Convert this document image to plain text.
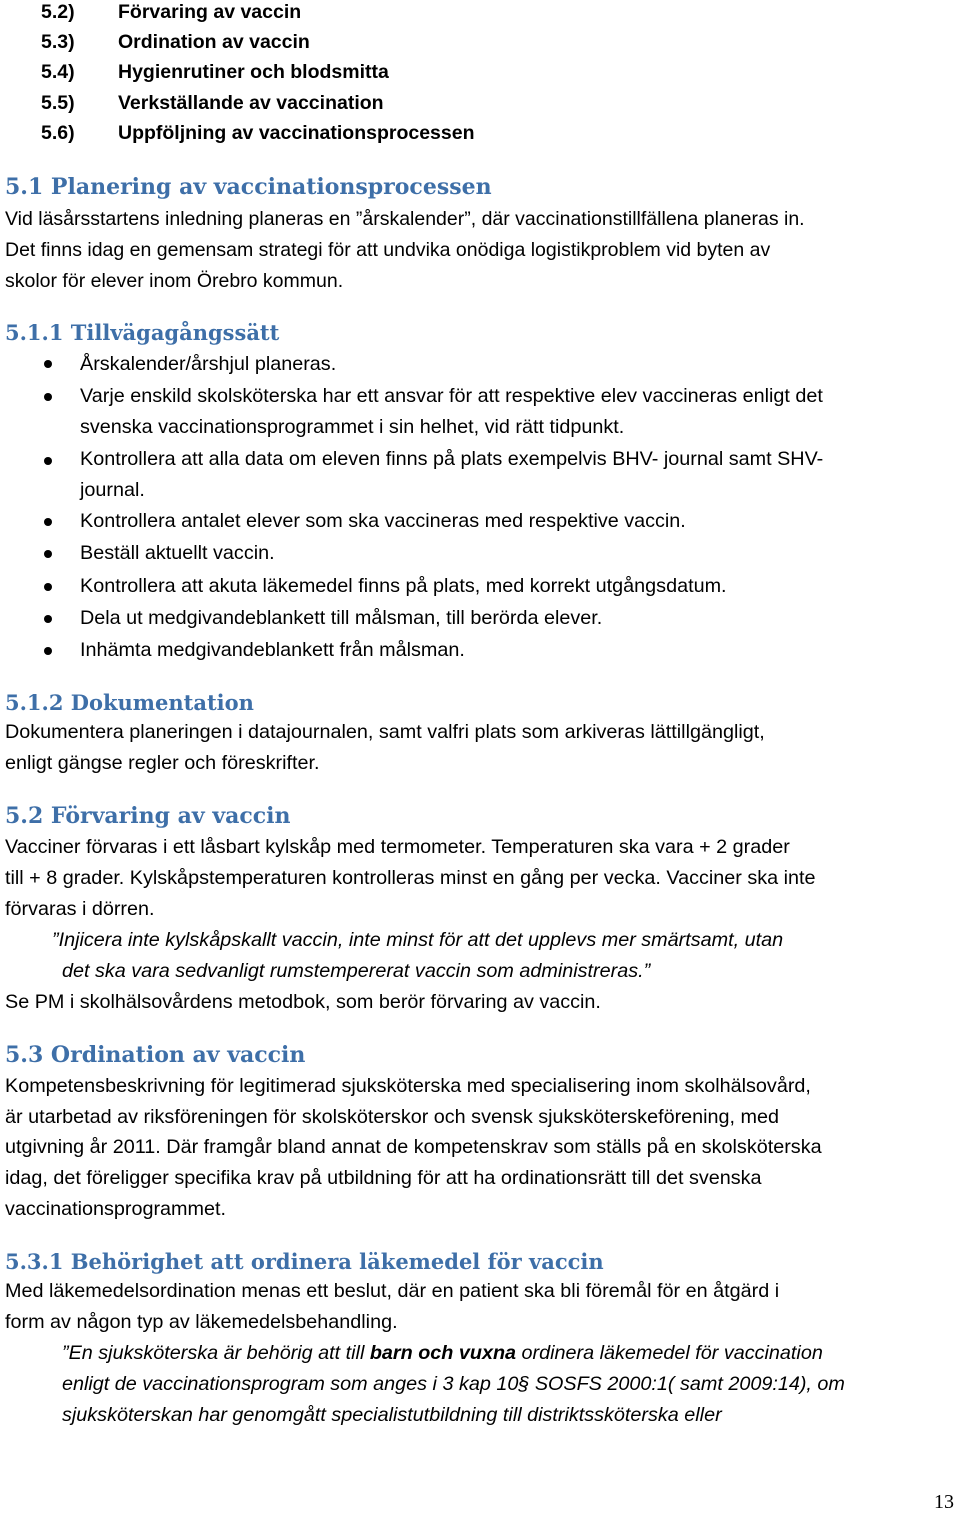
5.2)	Förvaring av vaccin
5.3)	Ordination av vaccin
5.4)	Hygienrutiner och blodsmitta
5.5)	Verkställande av vaccination
5.6)	Uppföljning av vaccinationsprocessen
5.1 Planering av vaccinationsprocessen

Vid läsårsstartens inledning planeras en ”årskalender”, där vaccinationstillfällena planeras in.

Det finns idag en gemensam strategi för att undvika onödiga logistikproblem vid byten av

skolor för elever inom Örebro kommun.

5.1.1 Tillvägagångssätt

Årskalender/årshjul planeras.

Varje enskild skolsköterska har ett ansvar för att respektive elev vaccineras enligt det

svenska vaccinationsprogrammet i sin helhet, vid rätt tidpunkt.

Kontrollera att alla data om eleven finns på plats exempelvis BHV- journal samt SHV-

journal.

Kontrollera antalet elever som ska vaccineras med respektive vaccin.

Beställ aktuellt vaccin.

Kontrollera att akuta läkemedel finns på plats, med korrekt utgångsdatum.

Dela ut medgivandeblankett till målsman, till berörda elever.

Inhämta medgivandeblankett från målsman.

5.1.2 Dokumentation

Dokumentera planeringen i datajournalen, samt valfri plats som arkiveras lättillgängligt,

enligt gängse regler och föreskrifter.

5.2 Förvaring av vaccin

Vacciner förvaras i ett låsbart kylskåp med termometer. Temperaturen ska vara + 2 grader

till + 8 grader. Kylskåpstemperaturen kontrolleras minst en gång per vecka. Vacciner ska inte

förvaras i dörren.

”Injicera inte kylskåpskallt vaccin, inte minst för att det upplevs mer smärtsamt, utan

det ska vara sedvanligt rumstempererat vaccin som administreras.”

Se PM i skolhälsovårdens metodbok, som berör förvaring av vaccin.

5.3 Ordination av vaccin

Kompetensbeskrivning för legitimerad sjuksköterska med specialisering inom skolhälsovård,

är utarbetad av riksföreningen för skolsköterskor och svensk sjuksköterskeförening, med

utgivning år 2011. Där framgår bland annat de kompetenskrav som ställs på en skolsköterska

idag, det föreligger specifika krav på utbildning för att ha ordinationsrätt till det svenska

vaccinationsprogrammet.

5.3.1 Behörighet att ordinera läkemedel för vaccin

Med läkemedelsordination menas ett beslut, där en patient ska bli föremål för en åtgärd i

form av någon typ av läkemedelsbehandling.

”En sjuksköterska är behörig att till barn och vuxna ordinera läkemedel för vaccination

enligt de vaccinationsprogram som anges i 3 kap 10§ SOSFS 2000:1( samt 2009:14), om

sjuksköterskan har genomgått specialistutbildning till distriktssköterska eller

13
